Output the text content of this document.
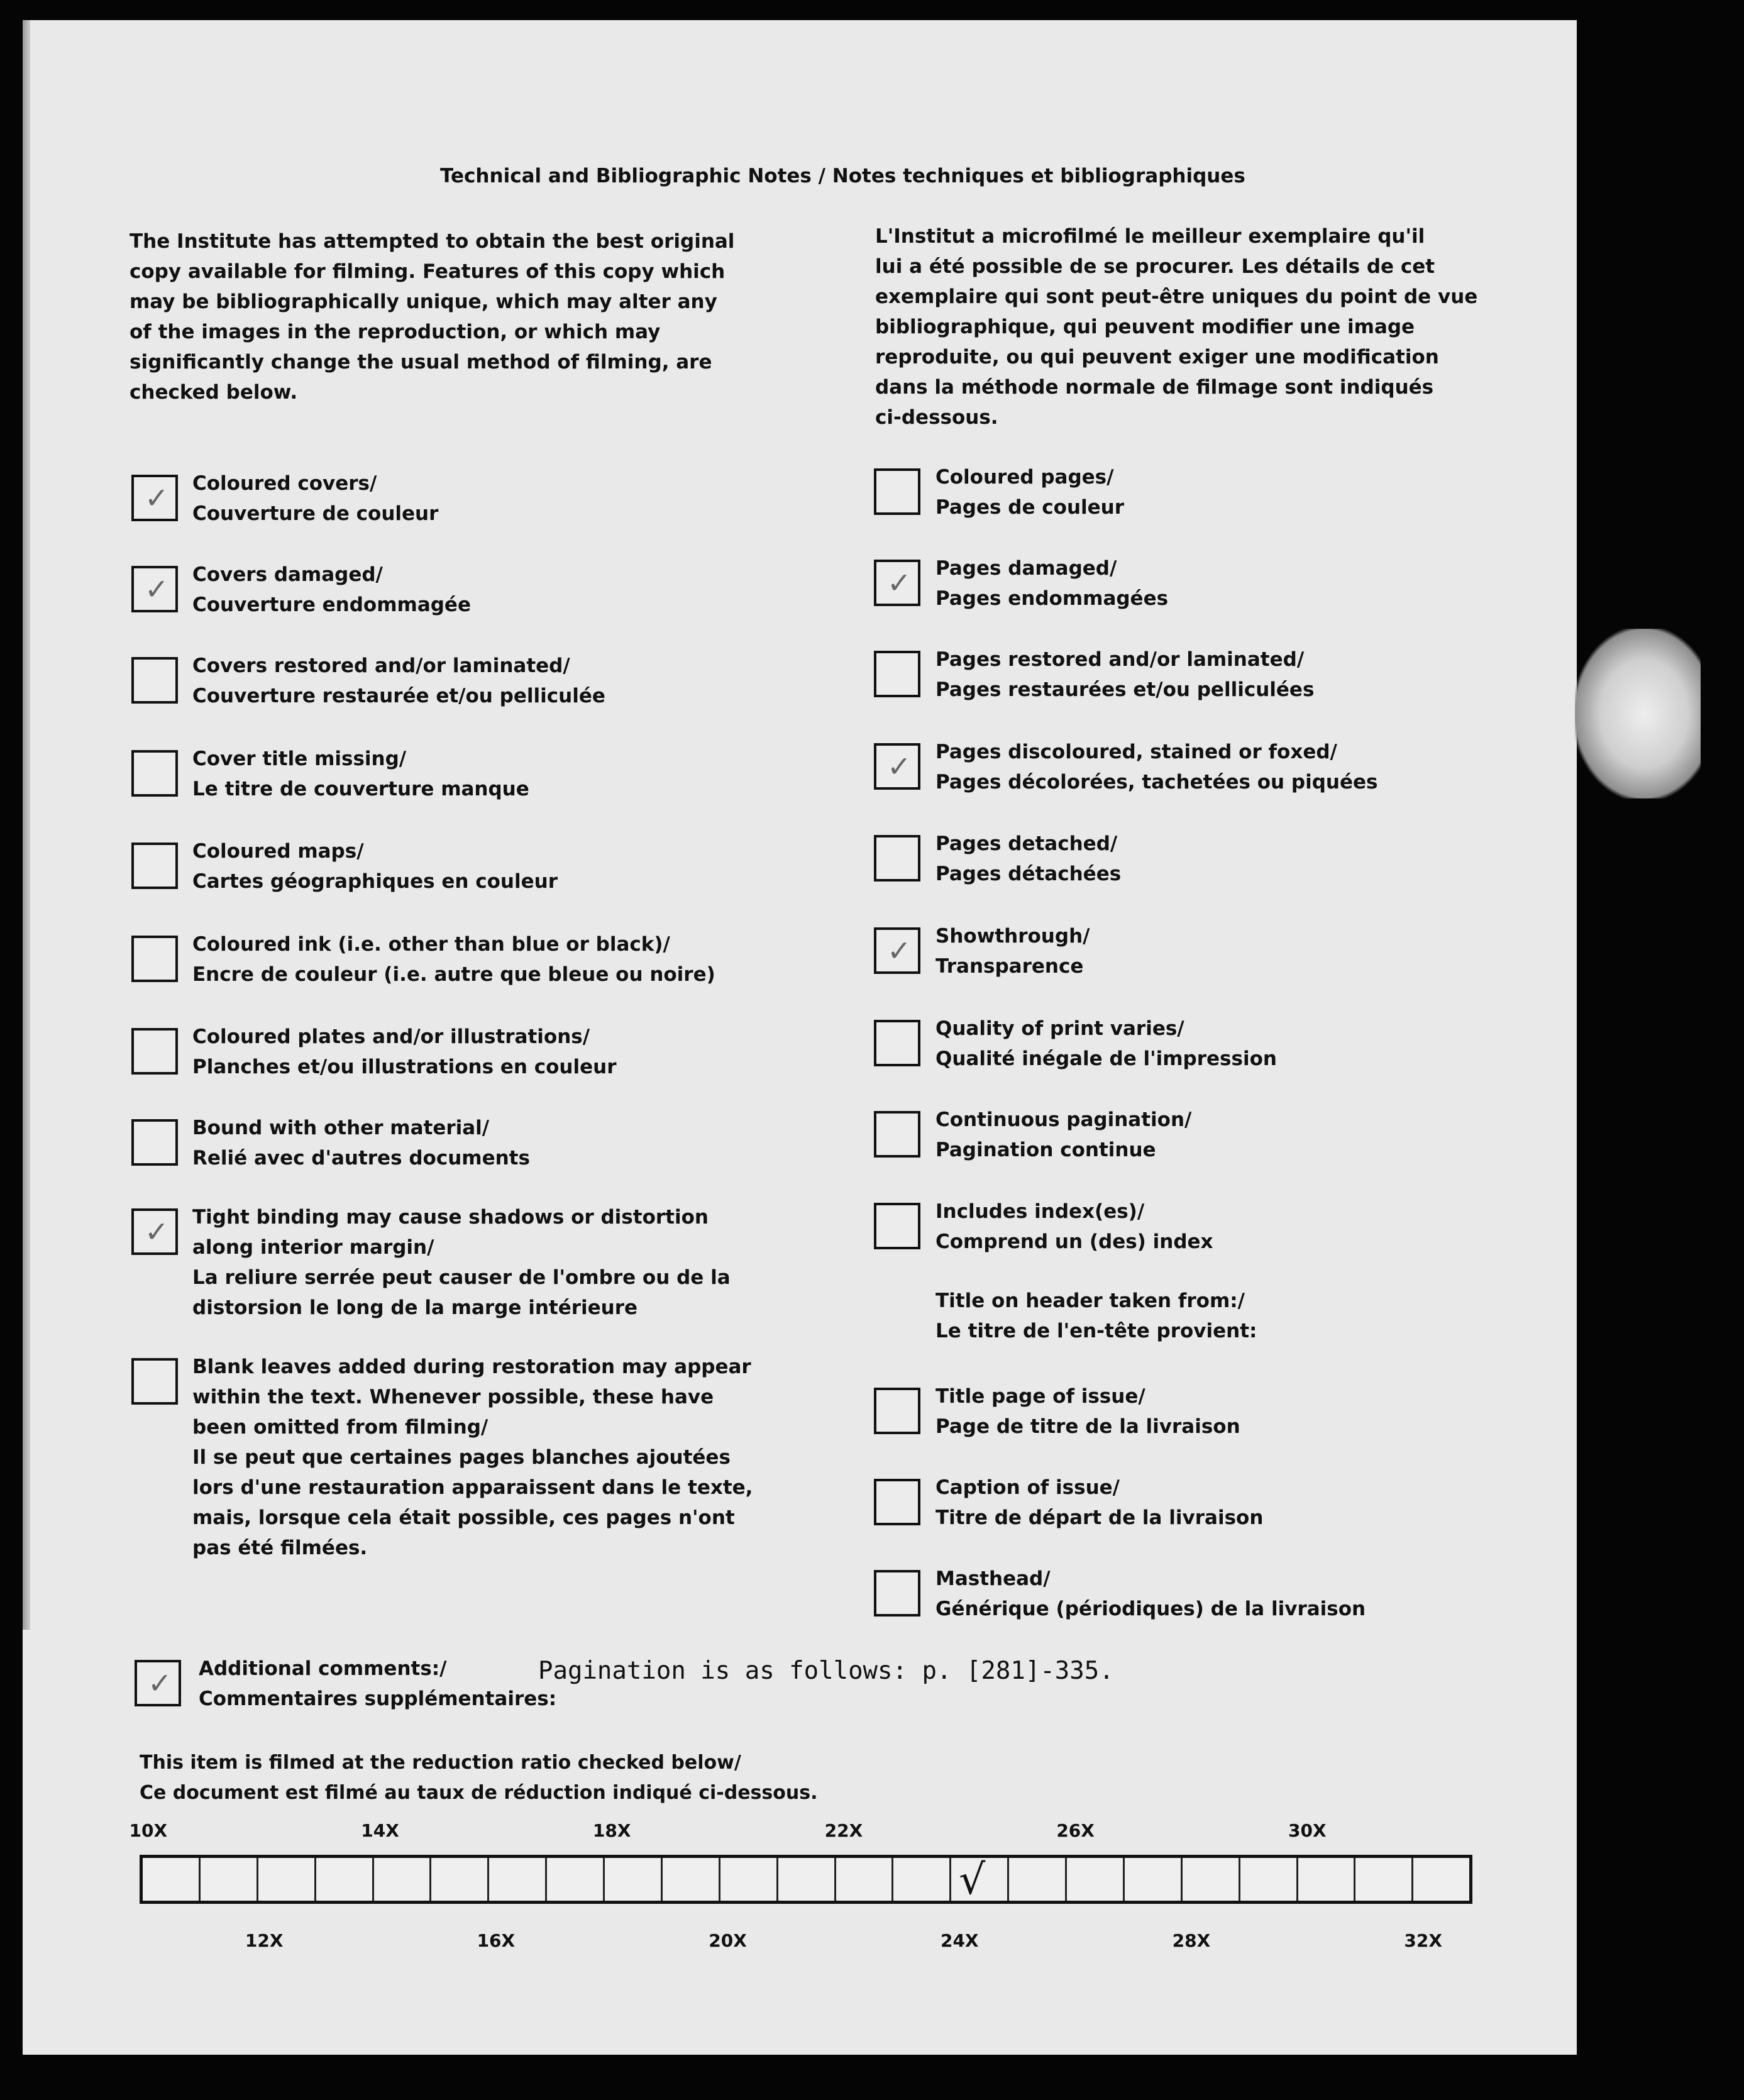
Technical and Bibliographic Notes / Notes techniques et bibliographiques
The Institute has attempted to obtain the best original
copy available for filming. Features of this copy which
may be bibliographically unique, which may alter any
of the images in the reproduction, or which may
significantly change the usual method of filming, are
checked below.
L'Institut a microfilmé le meilleur exemplaire qu'il
lui a été possible de se procurer. Les détails de cet
exemplaire qui sont peut-être uniques du point de vue
bibliographique, qui peuvent modifier une image
reproduite, ou qui peuvent exiger une modification
dans la méthode normale de filmage sont indiqués
ci-dessous.
✓
Coloured covers/
Couverture de couleur
✓
Covers damaged/
Couverture endommagée
Covers restored and/or laminated/
Couverture restaurée et/ou pelliculée
Cover title missing/
Le titre de couverture manque
Coloured maps/
Cartes géographiques en couleur
Coloured ink (i.e. other than blue or black)/
Encre de couleur (i.e. autre que bleue ou noire)
Coloured plates and/or illustrations/
Planches et/ou illustrations en couleur
Bound with other material/
Relié avec d'autres documents
✓
Tight binding may cause shadows or distortion
along interior margin/
La reliure serrée peut causer de l'ombre ou de la
distorsion le long de la marge intérieure
Blank leaves added during restoration may appear
within the text. Whenever possible, these have
been omitted from filming/
Il se peut que certaines pages blanches ajoutées
lors d'une restauration apparaissent dans le texte,
mais, lorsque cela était possible, ces pages n'ont
pas été filmées.
Coloured pages/
Pages de couleur
✓
Pages damaged/
Pages endommagées
Pages restored and/or laminated/
Pages restaurées et/ou pelliculées
✓
Pages discoloured, stained or foxed/
Pages décolorées, tachetées ou piquées
Pages detached/
Pages détachées
✓
Showthrough/
Transparence
Quality of print varies/
Qualité inégale de l'impression
Continuous pagination/
Pagination continue
Includes index(es)/
Comprend un (des) index
Title on header taken from:/
Le titre de l'en-tête provient:
Title page of issue/
Page de titre de la livraison
Caption of issue/
Titre de départ de la livraison
Masthead/
Générique (périodiques) de la livraison
✓
Additional comments:/
Commentaires supplémentaires:
Pagination is as follows: p. [281]-335.
This item is filmed at the reduction ratio checked below/
Ce document est filmé au taux de réduction indiqué ci-dessous.
10X	14X	18X	22X	26X	30X
√
12X	16X	20X	24X	28X	32X
